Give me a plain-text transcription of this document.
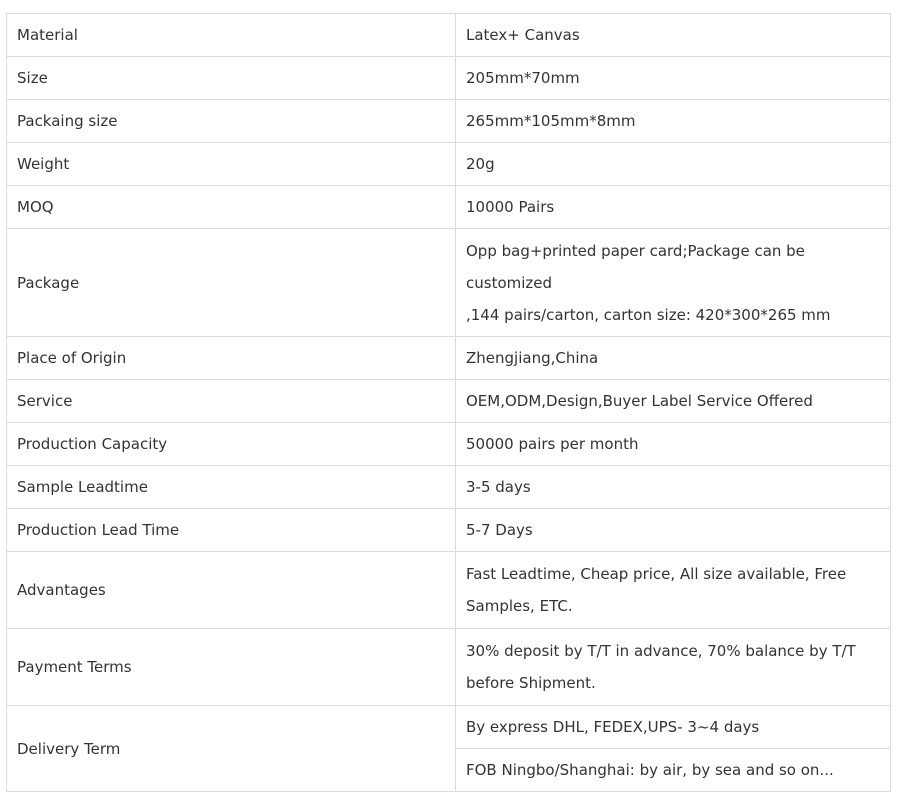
Material	Latex+ Canvas
Size	205mm*70mm
Packaing size	265mm*105mm*8mm
Weight	20g
MOQ	10000 Pairs
Package	Opp bag+printed paper card;Package can be customized
,144 pairs/carton, carton size: 420*300*265 mm

Place of Origin	Zhengjiang,China
Service	OEM,ODM,Design,Buyer Label Service Offered
Production Capacity	50000 pairs per month
Sample Leadtime	3-5 days
Production Lead Time	5-7 Days
Advantages	Fast Leadtime, Cheap price, All size available, Free Samples, ETC.
Payment Terms	30% deposit by T/T in advance, 70% balance by T/T before Shipment.
Delivery Term	By express DHL, FEDEX,UPS- 3~4 days
	FOB Ningbo/Shanghai: by air, by sea and so on...
